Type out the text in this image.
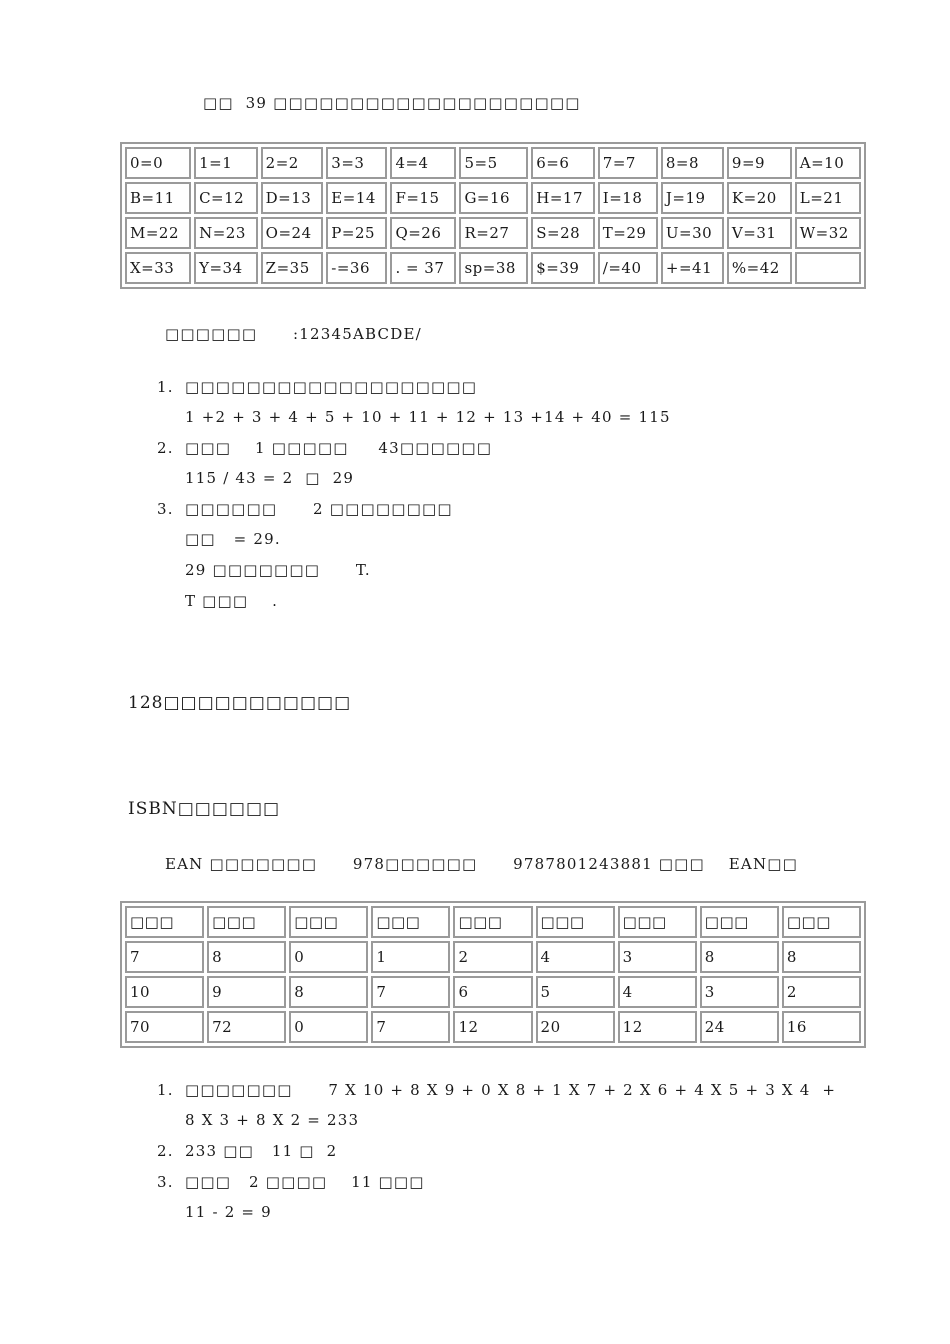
□□  39 □□□□□□□□□□□□□□□□□□□□
0=0	1=1	2=2	3=3	4=4	5=5	6=6	7=7	8=8	9=9	A=10
B=11	C=12	D=13	E=14	F=15	G=16	H=17	I=18	J=19	K=20	L=21
M=22	N=23	O=24	P=25	Q=26	R=27	S=28	T=29	U=30	V=31	W=32
X=33	Y=34	Z=35	-=36	. = 37	sp=38	$=39	/=40	+=41	%=42	
□□□□□□      :12345ABCDE/
1. □□□□□□□□□□□□□□□□□□□
1 +2 + 3 + 4 + 5 + 10 + 11 + 12 + 13 +14 + 40 = 115
2. □□□    1 □□□□□     43□□□□□□
115 / 43 = 2  □  29
3. □□□□□□      2 □□□□□□□□
□□   = 29.
29 □□□□□□□      T.
T □□□    .
128□□□□□□□□□□□
ISBN□□□□□□
EAN □□□□□□□      978□□□□□□      9787801243881 □□□    EAN□□
□□□	□□□	□□□	□□□	□□□	□□□	□□□	□□□	□□□
7	8	0	1	2	4	3	8	8
10	9	8	7	6	5	4	3	2
70	72	0	7	12	20	12	24	16
1. □□□□□□□      7 X 10 + 8 X 9 + 0 X 8 + 1 X 7 + 2 X 6 + 4 X 5 + 3 X 4  +
8 X 3 + 8 X 2 = 233
2. 233 □□   11 □  2
3. □□□   2 □□□□    11 □□□
11 - 2 = 9
